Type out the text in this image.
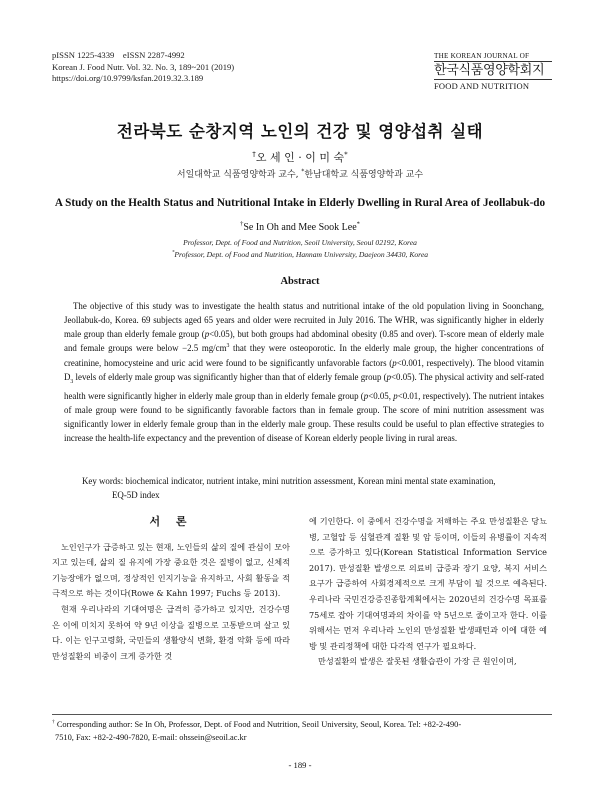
pISSN 1225-4339    eISSN 2287-4992
Korean J. Food Nutr. Vol. 32. No. 3, 189~201 (2019)
https://doi.org/10.9799/ksfan.2019.32.3.189
THE KOREAN JOURNAL OF
한국식품영양학회지
FOOD AND NUTRITION
전라북도 순창지역 노인의 건강 및 영양섭취 실태
†오 세 인 · 이 미 숙*
서일대학교 식품영양학과 교수, *한남대학교 식품영양학과 교수
A Study on the Health Status and Nutritional Intake in Elderly Dwelling in Rural Area of Jeollabuk-do
†Se In Oh and Mee Sook Lee*
Professor, Dept. of Food and Nutrition, Seoil University, Seoul 02192, Korea
*Professor, Dept. of Food and Nutrition, Hannam University, Daejeon 34430, Korea
Abstract

The objective of this study was to investigate the health status and nutritional intake of the old population living in Soonchang, Jeollabuk-do, Korea. 69 subjects aged 65 years and older were recruited in July 2016. The WHR, was significantly higher in elderly male group than elderly female group (p<0.05), but both groups had abdominal obesity (0.85 and over). T-score mean of elderly male and female groups were below −2.5 $mg/cm^3$ that they were osteoporotic. In the elderly male group, the higher concentrations of creatinine, homocysteine and uric acid were found to be significantly unfavorable factors (p<0.001, respectively). The blood vitamin $D_3$ levels of elderly male group was significantly higher than that of elderly female group (p<0.05). The physical activity and self-rated health were significantly higher in elderly male group than in elderly female group (p<0.05, p<0.01, respectively). The nutrient intakes of male group were found to be significantly favorable factors than in female group. The score of mini nutrition assessment was significantly lower in elderly female group than in the elderly male group. These results could be useful to plan effective strategies to increase the health-life expectancy and the prevention of disease of Korean elderly people living in rural areas.

Key words: biochemical indicator, nutrient intake, mini nutrition assessment, Korean mini mental state examination,
EQ-5D index
서 론

노인인구가 급증하고 있는 현재, 노인들의 삶의 질에 관심이 모아지고 있는데, 삶의 질 유지에 가장 중요한 것은 질병이 없고, 신체적 기능장애가 없으며, 정상적인 인지기능을 유지하고, 사회 활동을 적극적으로 하는 것이다(Rowe & Kahn 1997; Fuchs 등 2013).

현재 우리나라의 기대여명은 급격히 증가하고 있지만, 건강수명은 이에 미치지 못하여 약 9년 이상을 질병으로 고통받으며 살고 있다. 이는 인구고령화, 국민들의 생활양식 변화, 환경 악화 등에 따라 만성질환의 비중이 크게 증가한 것

에 기인한다. 이 중에서 건강수명을 저해하는 주요 만성질환은 당뇨병, 고혈압 등 심혈관계 질환 및 암 등이며, 이들의 유병률이 지속적으로 증가하고 있다(Korean Statistical Information Service 2017). 만성질환 발생으로 의료비 급증과 장기 요양, 복지 서비스 요구가 급증하여 사회경제적으로 크게 부담이 될 것으로 예측된다. 우리나라 국민건강증진종합계획에서는 2020년의 건강수명 목표를 75세로 잡아 기대여명과의 차이를 약 5년으로 줄이고자 한다. 이를 위해서는 먼저 우리나라 노인의 만성질환 발생패턴과 이에 대한 예방 및 관리정책에 대한 다각적 연구가 필요하다.

만성질환의 발생은 잘못된 생활습관이 가장 큰 원인이며,

† Corresponding author: Se In Oh, Professor, Dept. of Food and Nutrition, Seoil University, Seoul, Korea. Tel: +82-2-490-
7510, Fax: +82-2-490-7820, E-mail: ohssein@seoil.ac.kr
- 189 -
